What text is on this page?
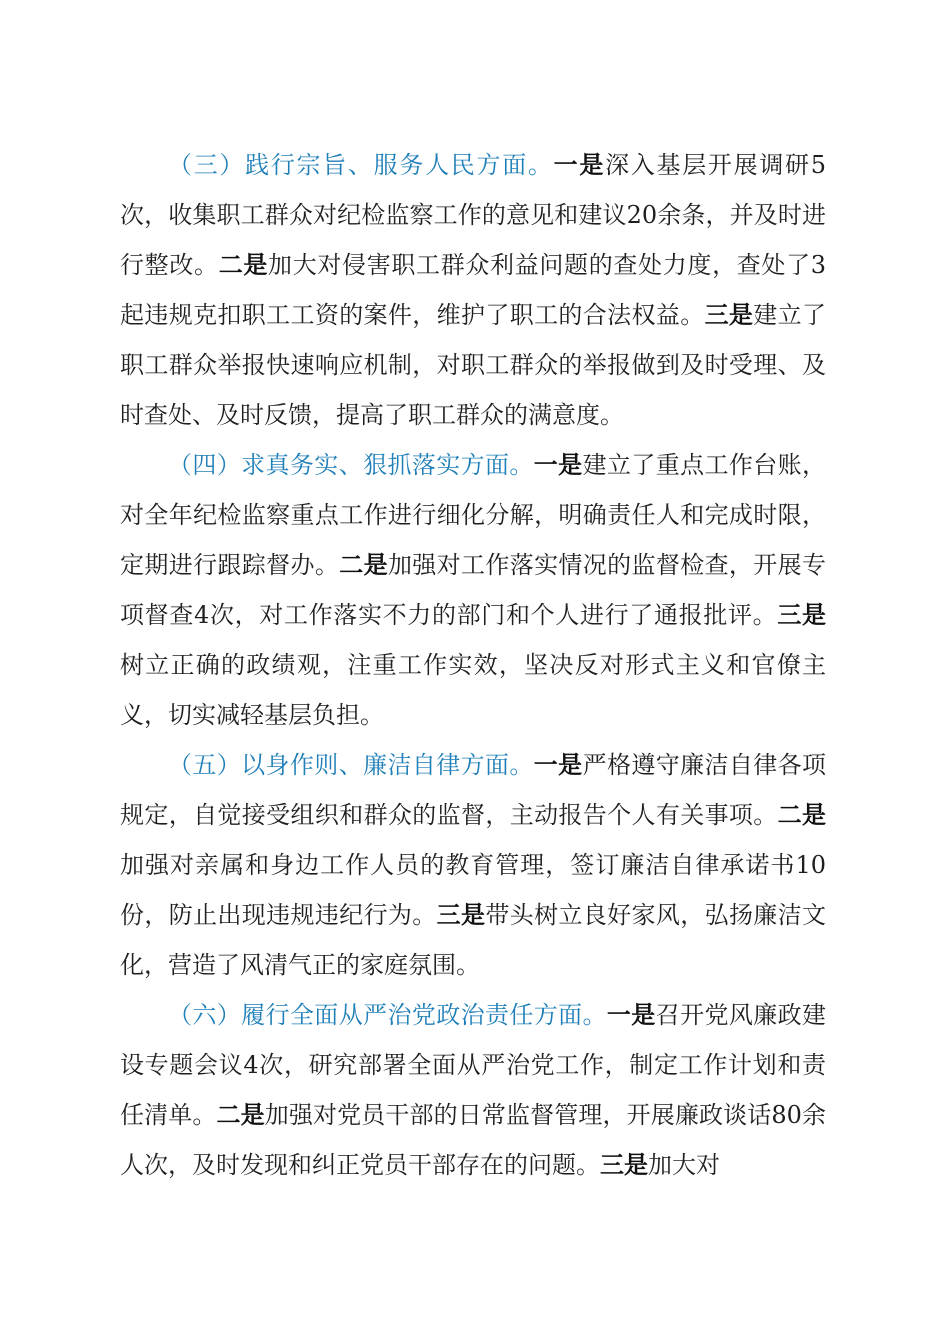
（三）践行宗旨、服务人民方面。一是深入基层开展调研5次，收集职工群众对纪检监察工作的意见和建议20余条，并及时进行整改。二是加大对侵害职工群众利益问题的查处力度，查处了3起违规克扣职工工资的案件，维护了职工的合法权益。三是建立了职工群众举报快速响应机制，对职工群众的举报做到及时受理、及时查处、及时反馈，提高了职工群众的满意度。

（四）求真务实、狠抓落实方面。一是建立了重点工作台账，对全年纪检监察重点工作进行细化分解，明确责任人和完成时限，定期进行跟踪督办。二是加强对工作落实情况的监督检查，开展专项督查4次，对工作落实不力的部门和个人进行了通报批评。三是树立正确的政绩观，注重工作实效，坚决反对形式主义和官僚主义，切实减轻基层负担。

（五）以身作则、廉洁自律方面。一是严格遵守廉洁自律各项规定，自觉接受组织和群众的监督，主动报告个人有关事项。二是加强对亲属和身边工作人员的教育管理，签订廉洁自律承诺书10份，防止出现违规违纪行为。三是带头树立良好家风，弘扬廉洁文化，营造了风清气正的家庭氛围。

（六）履行全面从严治党政治责任方面。一是召开党风廉政建设专题会议4次，研究部署全面从严治党工作，制定工作计划和责任清单。二是加强对党员干部的日常监督管理，开展廉政谈话80余人次，及时发现和纠正党员干部存在的问题。三是加大对
